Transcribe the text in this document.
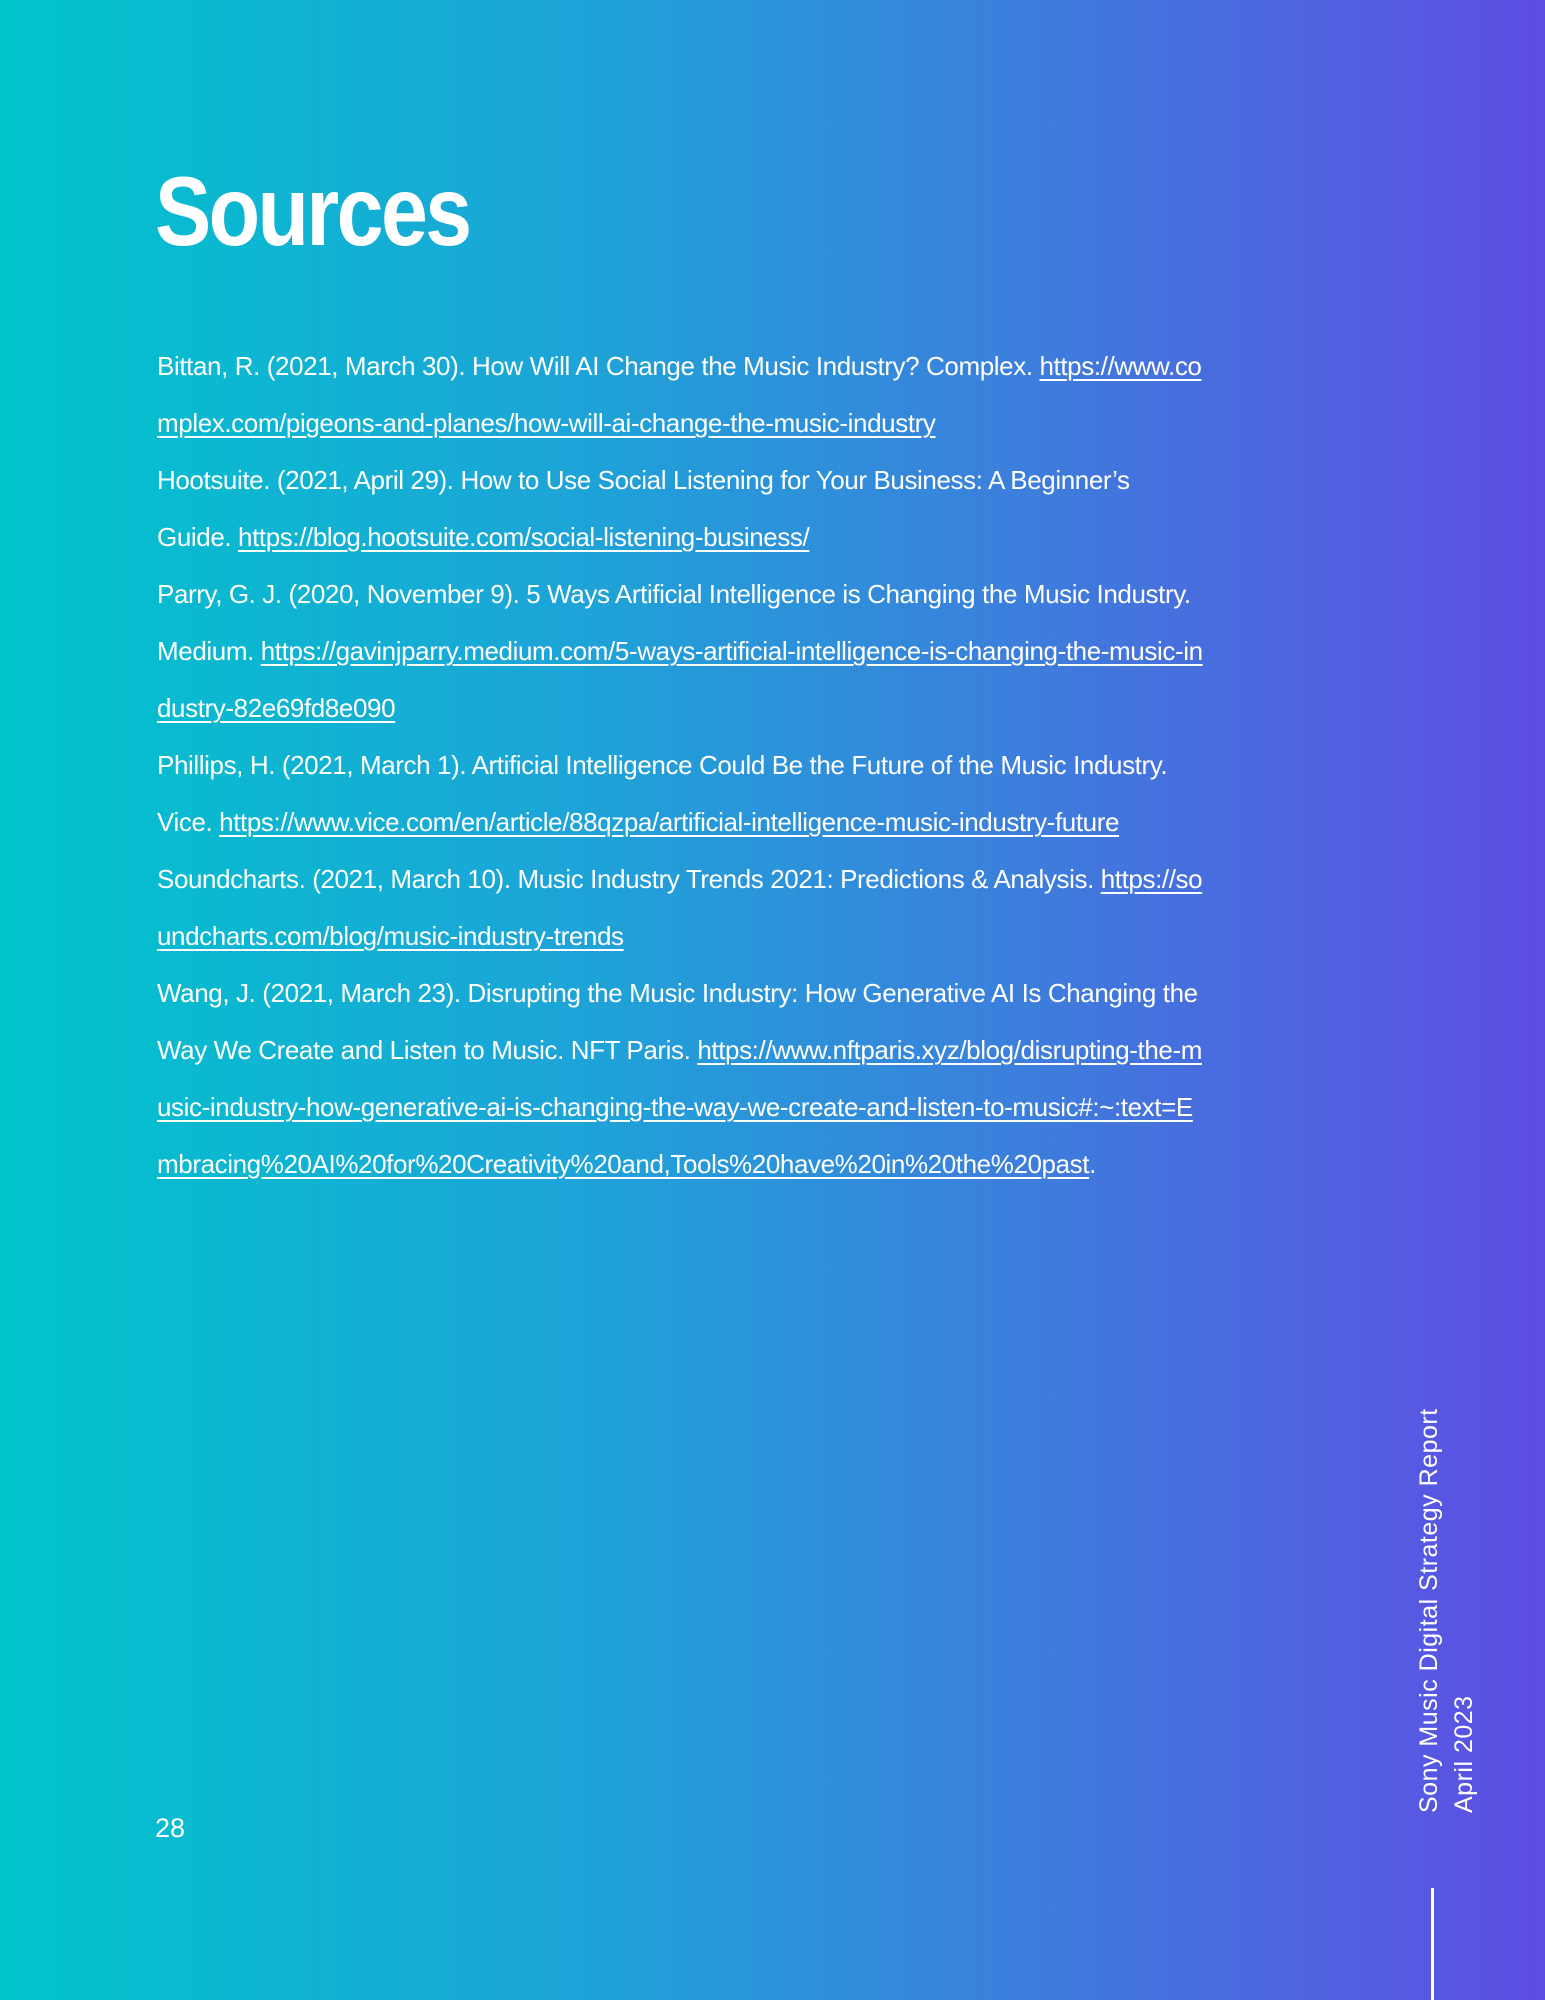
Sources

Bittan, R. (2021, March 30). How Will AI Change the Music Industry? Complex. https://www.complex.com/pigeons-and-planes/how-will-ai-change-the-music-industry

Hootsuite. (2021, April 29). How to Use Social Listening for Your Business: A Beginner’s Guide. https://blog.hootsuite.com/social-listening-business/

Parry, G. J. (2020, November 9). 5 Ways Artificial Intelligence is Changing the Music Industry. Medium. https://gavinjparry.medium.com/5-ways-artificial-intelligence-is-changing-the-music-industry-82e69fd8e090

Phillips, H. (2021, March 1). Artificial Intelligence Could Be the Future of the Music Industry. Vice. https://www.vice.com/en/article/88qzpa/artificial-intelligence-music-industry-future

Soundcharts. (2021, March 10). Music Industry Trends 2021: Predictions & Analysis. https://soundcharts.com/blog/music-industry-trends

Wang, J. (2021, March 23). Disrupting the Music Industry: How Generative AI Is Changing the Way We Create and Listen to Music. NFT Paris. https://www.nftparis.xyz/blog/disrupting-the-music-industry-how-generative-ai-is-changing-the-way-we-create-and-listen-to-music#:~:text=Embracing%20AI%20for%20Creativity%20and,Tools%20have%20in%20the%20past.

28
Sony Music Digital Strategy Report April 2023
